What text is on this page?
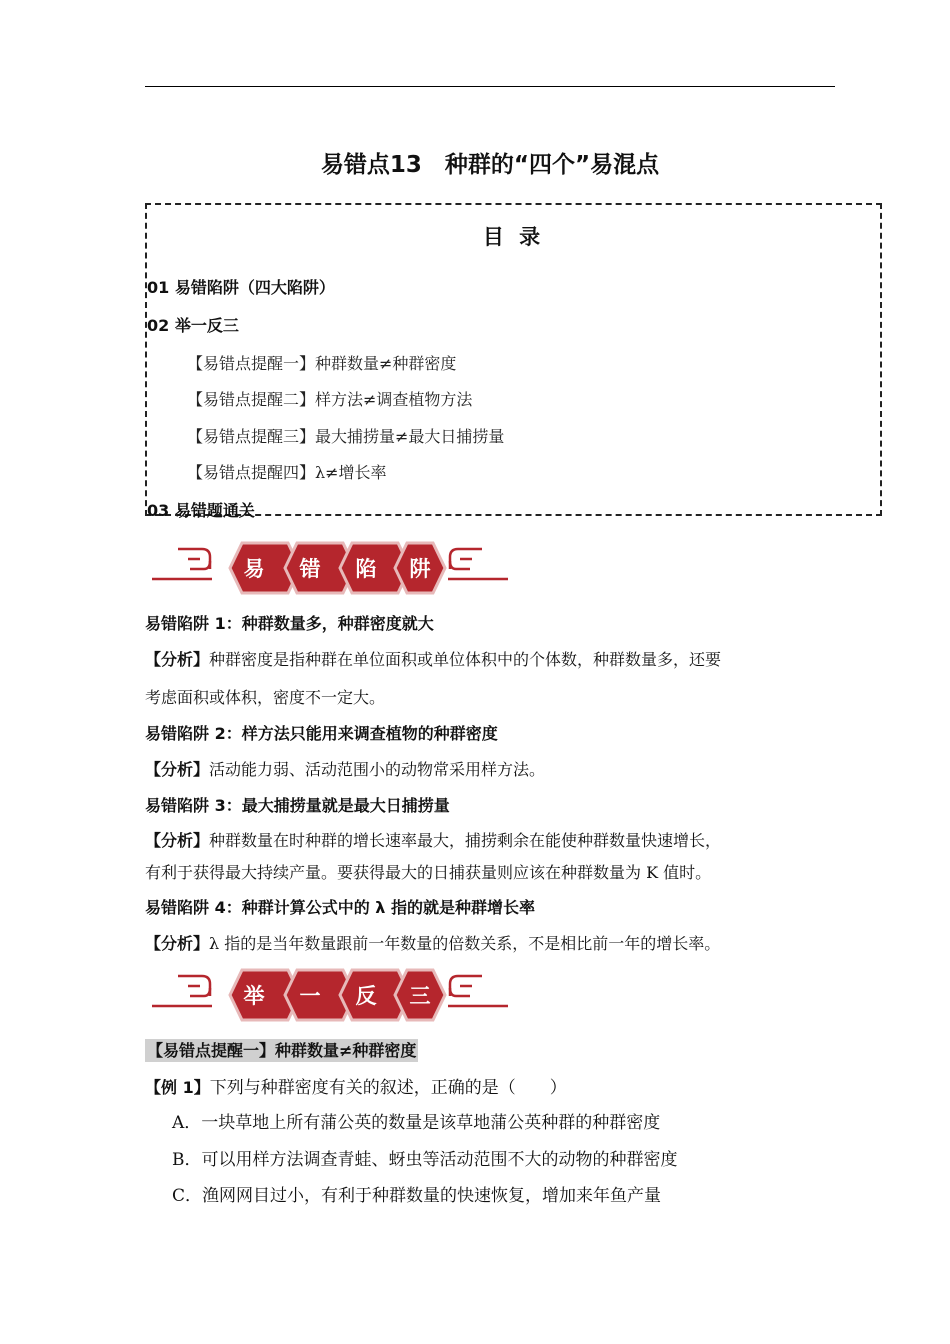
易错点13　种群的“四个”易混点
目 录
01 易错陷阱（四大陷阱）
02 举一反三
【易错点提醒一】种群数量≠种群密度
【易错点提醒二】样方法≠调查植物方法
【易错点提醒三】最大捕捞量≠最大日捕捞量
【易错点提醒四】λ≠增长率
03 易错题通关
易 错 陷 阱
易错陷阱 1：种群数量多，种群密度就大
【分析】种群密度是指种群在单位面积或单位体积中的个体数，种群数量多，还要
考虑面积或体积，密度不一定大。
易错陷阱 2：样方法只能用来调查植物的种群密度
【分析】活动能力弱、活动范围小的动物常采用样方法。
易错陷阱 3：最大捕捞量就是最大日捕捞量
【分析】种群数量在时种群的增长速率最大，捕捞剩余在能使种群数量快速增长，
有利于获得最大持续产量。要获得最大的日捕获量则应该在种群数量为 K 值时。
易错陷阱 4：种群计算公式中的 λ 指的就是种群增长率
【分析】λ 指的是当年数量跟前一年数量的倍数关系，不是相比前一年的增长率。
举 一 反 三
【易错点提醒一】种群数量≠种群密度
【例 1】下列与种群密度有关的叙述，正确的是（　　）
A．一块草地上所有蒲公英的数量是该草地蒲公英种群的种群密度
B．可以用样方法调查青蛙、蚜虫等活动范围不大的动物的种群密度
C．渔网网目过小，有利于种群数量的快速恢复，增加来年鱼产量
